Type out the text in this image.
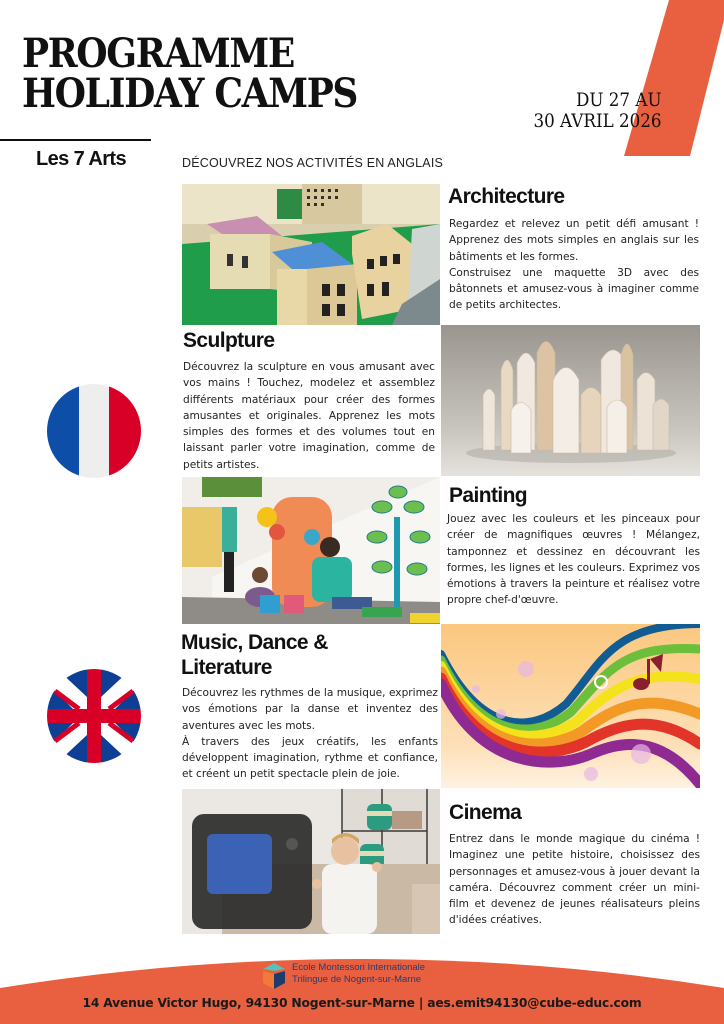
PROGRAMME
HOLIDAY CAMPS	DU 27 AU
30 AVRIL 2026
Les 7 Arts	DÉCOUVREZ NOS ACTIVITÉS EN ANGLAIS
Architecture

Regardez et relevez un petit défi amusant ! Apprenez des mots simples en anglais sur les bâtiments et les formes.

Construisez une maquette 3D avec des bâtonnets et amusez-vous à imaginer comme de petits architectes.

Sculpture

Découvrez la sculpture en vous amusant avec vos mains ! Touchez, modelez et assemblez différents matériaux pour créer des formes amusantes et originales. Apprenez les mots simples des formes et des volumes tout en laissant parler votre imagination, comme de petits artistes.

Painting

Jouez avec les couleurs et les pinceaux pour créer de magnifiques œuvres ! Mélangez, tamponnez et dessinez en découvrant les formes, les lignes et les couleurs. Exprimez vos émotions à travers la peinture et réalisez votre propre chef-d'œuvre.

Music, Dance &
Literature

Découvrez les rythmes de la musique, exprimez vos émotions par la danse et inventez des aventures avec les mots.

À travers des jeux créatifs, les enfants développent imagination, rythme et confiance, et créent un petit spectacle plein de joie.

Cinema

Entrez dans le monde magique du cinéma ! Imaginez une petite histoire, choisissez des personnages et amusez-vous à jouer devant la caméra. Découvrez comment créer un mini-film et devenez de jeunes réalisateurs pleins d'idées créatives.

Ecole Montessori Internationale
Trilingue de Nogent-sur-Marne
14 Avenue Victor Hugo, 94130 Nogent-sur-Marne | aes.emit94130@cube-educ.com
